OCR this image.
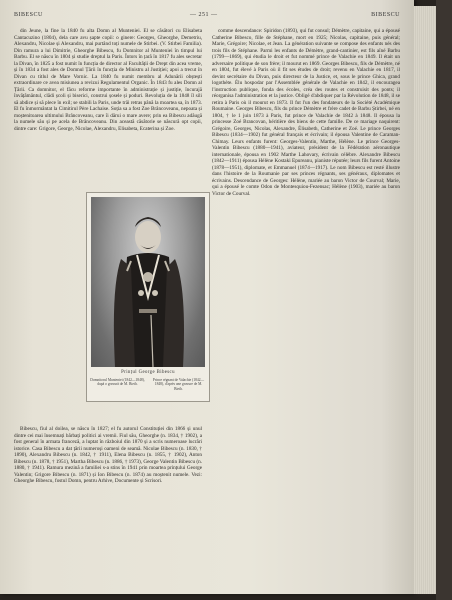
BIBESCU	— 251 —	BIBESCU

din Jeune, la fine la 1840 fu alta Domn al Munteniei. El se căsători cu Elisabeta Cantacuzino (1804), dela care avu șapte copii: o ginere: Georges, Gheorghe, Demetriu, Alexandru, Nicolae și Alexandru, mai purtând toți numele de Stirbei. (V. Stirbei Familia). Din ramura a lui Dimitrie, Gheorghe Bibescu, fu Domnitor al Munteniei în timpul lui Barbu. El se născu în 1804 și studie dreptul la Paris. Întors în țară în 1817 fu ales secretar la Divan, în 1825 a fost numit în funcția de director al Facultății de Drept din acea vreme, și în 1834 a fost ales de Domnul Țării în funcția de Ministru al Justiției; apoi a trecut în Divan cu titlul de Mare Vornic. La 1840 fu numit membru al Adunării obștești extraordinare ce avea misiunea a revizui Regulamentul Organic. În 1843 fu ales Domn al Țării. Ca domnitor, el făcu reforme importante în administrație și justiție, încurajă învățământul, clădi școli și biserici, construi șosele și poduri. Revoluția de la 1848 îl sili să abdice și să plece în exil; se stabili la Paris, unde trăi retras până la moartea sa, în 1873. El fu înmormântat la Cimitirul Père Lachaise. Soția sa a fost Zoe Brâncoveanu, nepoata și moștenitoarea ultimului Brâncoveanu, care îi dărui o mare avere; prin ea Bibescu adăugă la numele său și pe acela de Brâncoveanu. Din această căsătorie se născură opt copii, dintre care: Grigore, George, Nicolae, Alexandru, Elisabeta, Ecaterina și Zoe.

Bibescu, fiul al doilea, se născu în 1827; el fu autorul Constituției din 1866 și unul dintre cei mai însemnați bărbați politici ai vremii. Fiul său, Gheorghe (n. 1834, † 1902), a fost general în armata franceză, a luptat în războiul din 1870 și a scris numeroase lucrări istorice. Casa Bibescu a dat țării numeroși oameni de seamă. Nicolae Bibescu (n. 1830, † 1890), Alexandru Bibescu (n. 1842, † 1911), Elena Bibescu (n. 1855, † 1902), Anton Bibescu (n. 1878, † 1951), Martha Bibescu (n. 1886, † 1973), George Valentin Bibescu (n. 1880, † 1941). Ramura mezină a familiei s-a stins în 1941 prin moartea prințului George Valentin; Grigore Bibescu (n. 1871) și Ion Bibescu (n. 1874) au moștenit numele. Vezi: Gheorghe Bibescu, fostul Domn, pentru Arhive, Documente și Scrisori.

Prințul George Bibescu
Domnitorul Munteniei (1842—1848), după o gravură de M. Bieth.
Prince régnant de Valachie (1842—1848), d'après une gravure de M. Bieth.

comme descendance: Spiridon (1893), qui fut consul; Démètre, capitaine, qui a épousé Catherine Bibesco, fille de Stéphane, mort en 1925; Nicolas, capitaine, puis général; Marie, Grégoire; Nicolae, et Jean. La génération suivante se compose des enfants nés des trois fils de Stéphane. Parmi les enfants de Démètre, grand-cantinier, est fils aîné Barbu (1799—1869), qui étudia le droit et fut nommé prince de Valachie en 1849. Il était un adversaire politique de son frère; il mourut en 1869. Georges Bibescu, fils de Démètre, né en 1804, fut élevé à Paris où il fit ses études de droit; revenu en Valachie en 1817, il devint secrétaire du Divan, puis directeur de la Justice, et, sous le prince Ghica, grand logothète. Élu hospodar par l'Assemblée générale de Valachie en 1842, il encouragea l'instruction publique, fonda des écoles, créa des routes et construisit des ponts; il réorganisa l'administration et la justice. Obligé d'abdiquer par la Révolution de 1848, il se retira à Paris où il mourut en 1873. Il fut l'un des fondateurs de la Société Académique Roumaine. Georges Bibescu, fils du prince Démètre et frère cadet de Barbu Știrbei, né en 1804, † le 1 juin 1873 à Paris, fut prince de Valachie de 1842 à 1848. Il épousa la princesse Zoé Brancovan, héritière des biens de cette famille. De ce mariage naquirent: Grégoire, Georges, Nicolas, Alexandre, Élisabeth, Catherine et Zoé. Le prince Georges Bibescu (1834—1902) fut général français et écrivain; il épousa Valentine de Caraman-Chimay. Leurs enfants furent: Georges-Valentin, Marthe, Hélène. Le prince Georges-Valentin Bibescu (1880—1941), aviateur, président de la Fédération aéronautique internationale, épousa en 1902 Marthe Lahovary, écrivain célèbre. Alexandre Bibescu (1842—1911) épousa Hélène Kostaki Epureanu, pianiste réputée; leurs fils furent Antoine (1878—1951), diplomate, et Emmanuel (1874—1917). Le nom Bibescu est resté illustre dans l'histoire de la Roumanie par ses princes régnants, ses généraux, diplomates et écrivains. Descendance de Georges: Hélène, mariée au baron Victor de Courval; Marie, qui a épousé le comte Odon de Montesquiou-Fezensac; Hélène (1903), mariée au baron Victor de Courval.
